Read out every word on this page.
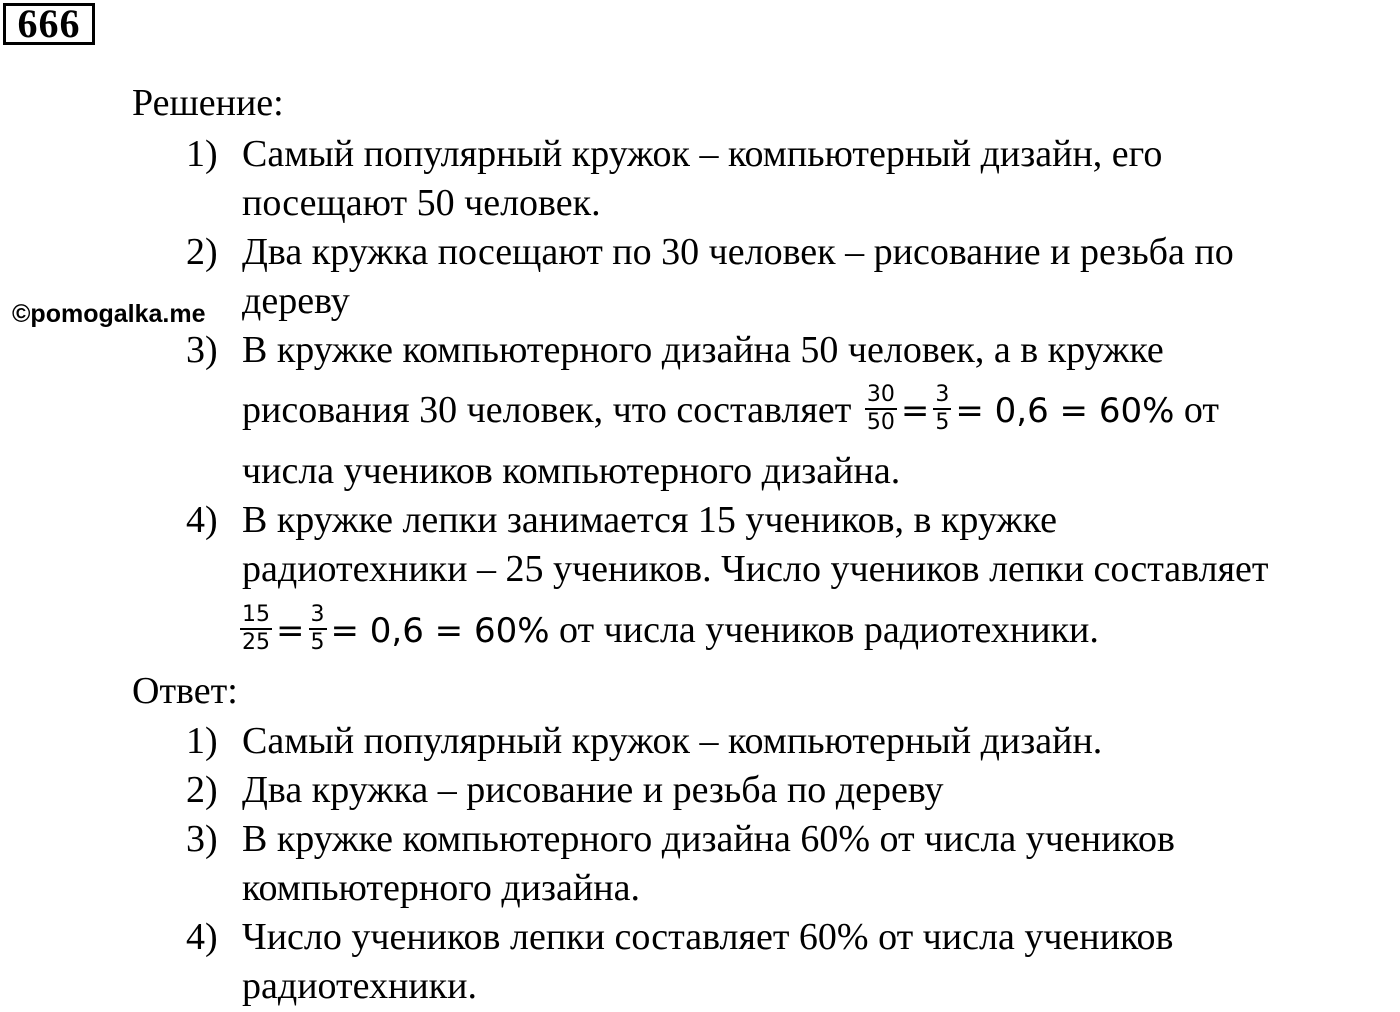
666
©pomogalka.me
Решение:
1) Самый популярный кружок – компьютерный дизайн, его
посещают 50 человек.
2) Два кружка посещают по 30 человек – рисование и резьба по
дереву
3) В кружке компьютерного дизайна 50 человек, а в кружке
рисования 30 человек, что составляет $\frac{30}{50} = \frac{3}{5} = 0,6 = 60\%$ от
числа учеников компьютерного дизайна.
4) В кружке лепки занимается 15 учеников, в кружке
радиотехники – 25 учеников. Число учеников лепки составляет
$\frac{15}{25} = \frac{3}{5} = 0,6 = 60\%$ от числа учеников радиотехники.
Ответ:
1) Самый популярный кружок – компьютерный дизайн.
2) Два кружка – рисование и резьба по дереву
3) В кружке компьютерного дизайна 60% от числа учеников
компьютерного дизайна.
4) Число учеников лепки составляет 60% от числа учеников
радиотехники.
